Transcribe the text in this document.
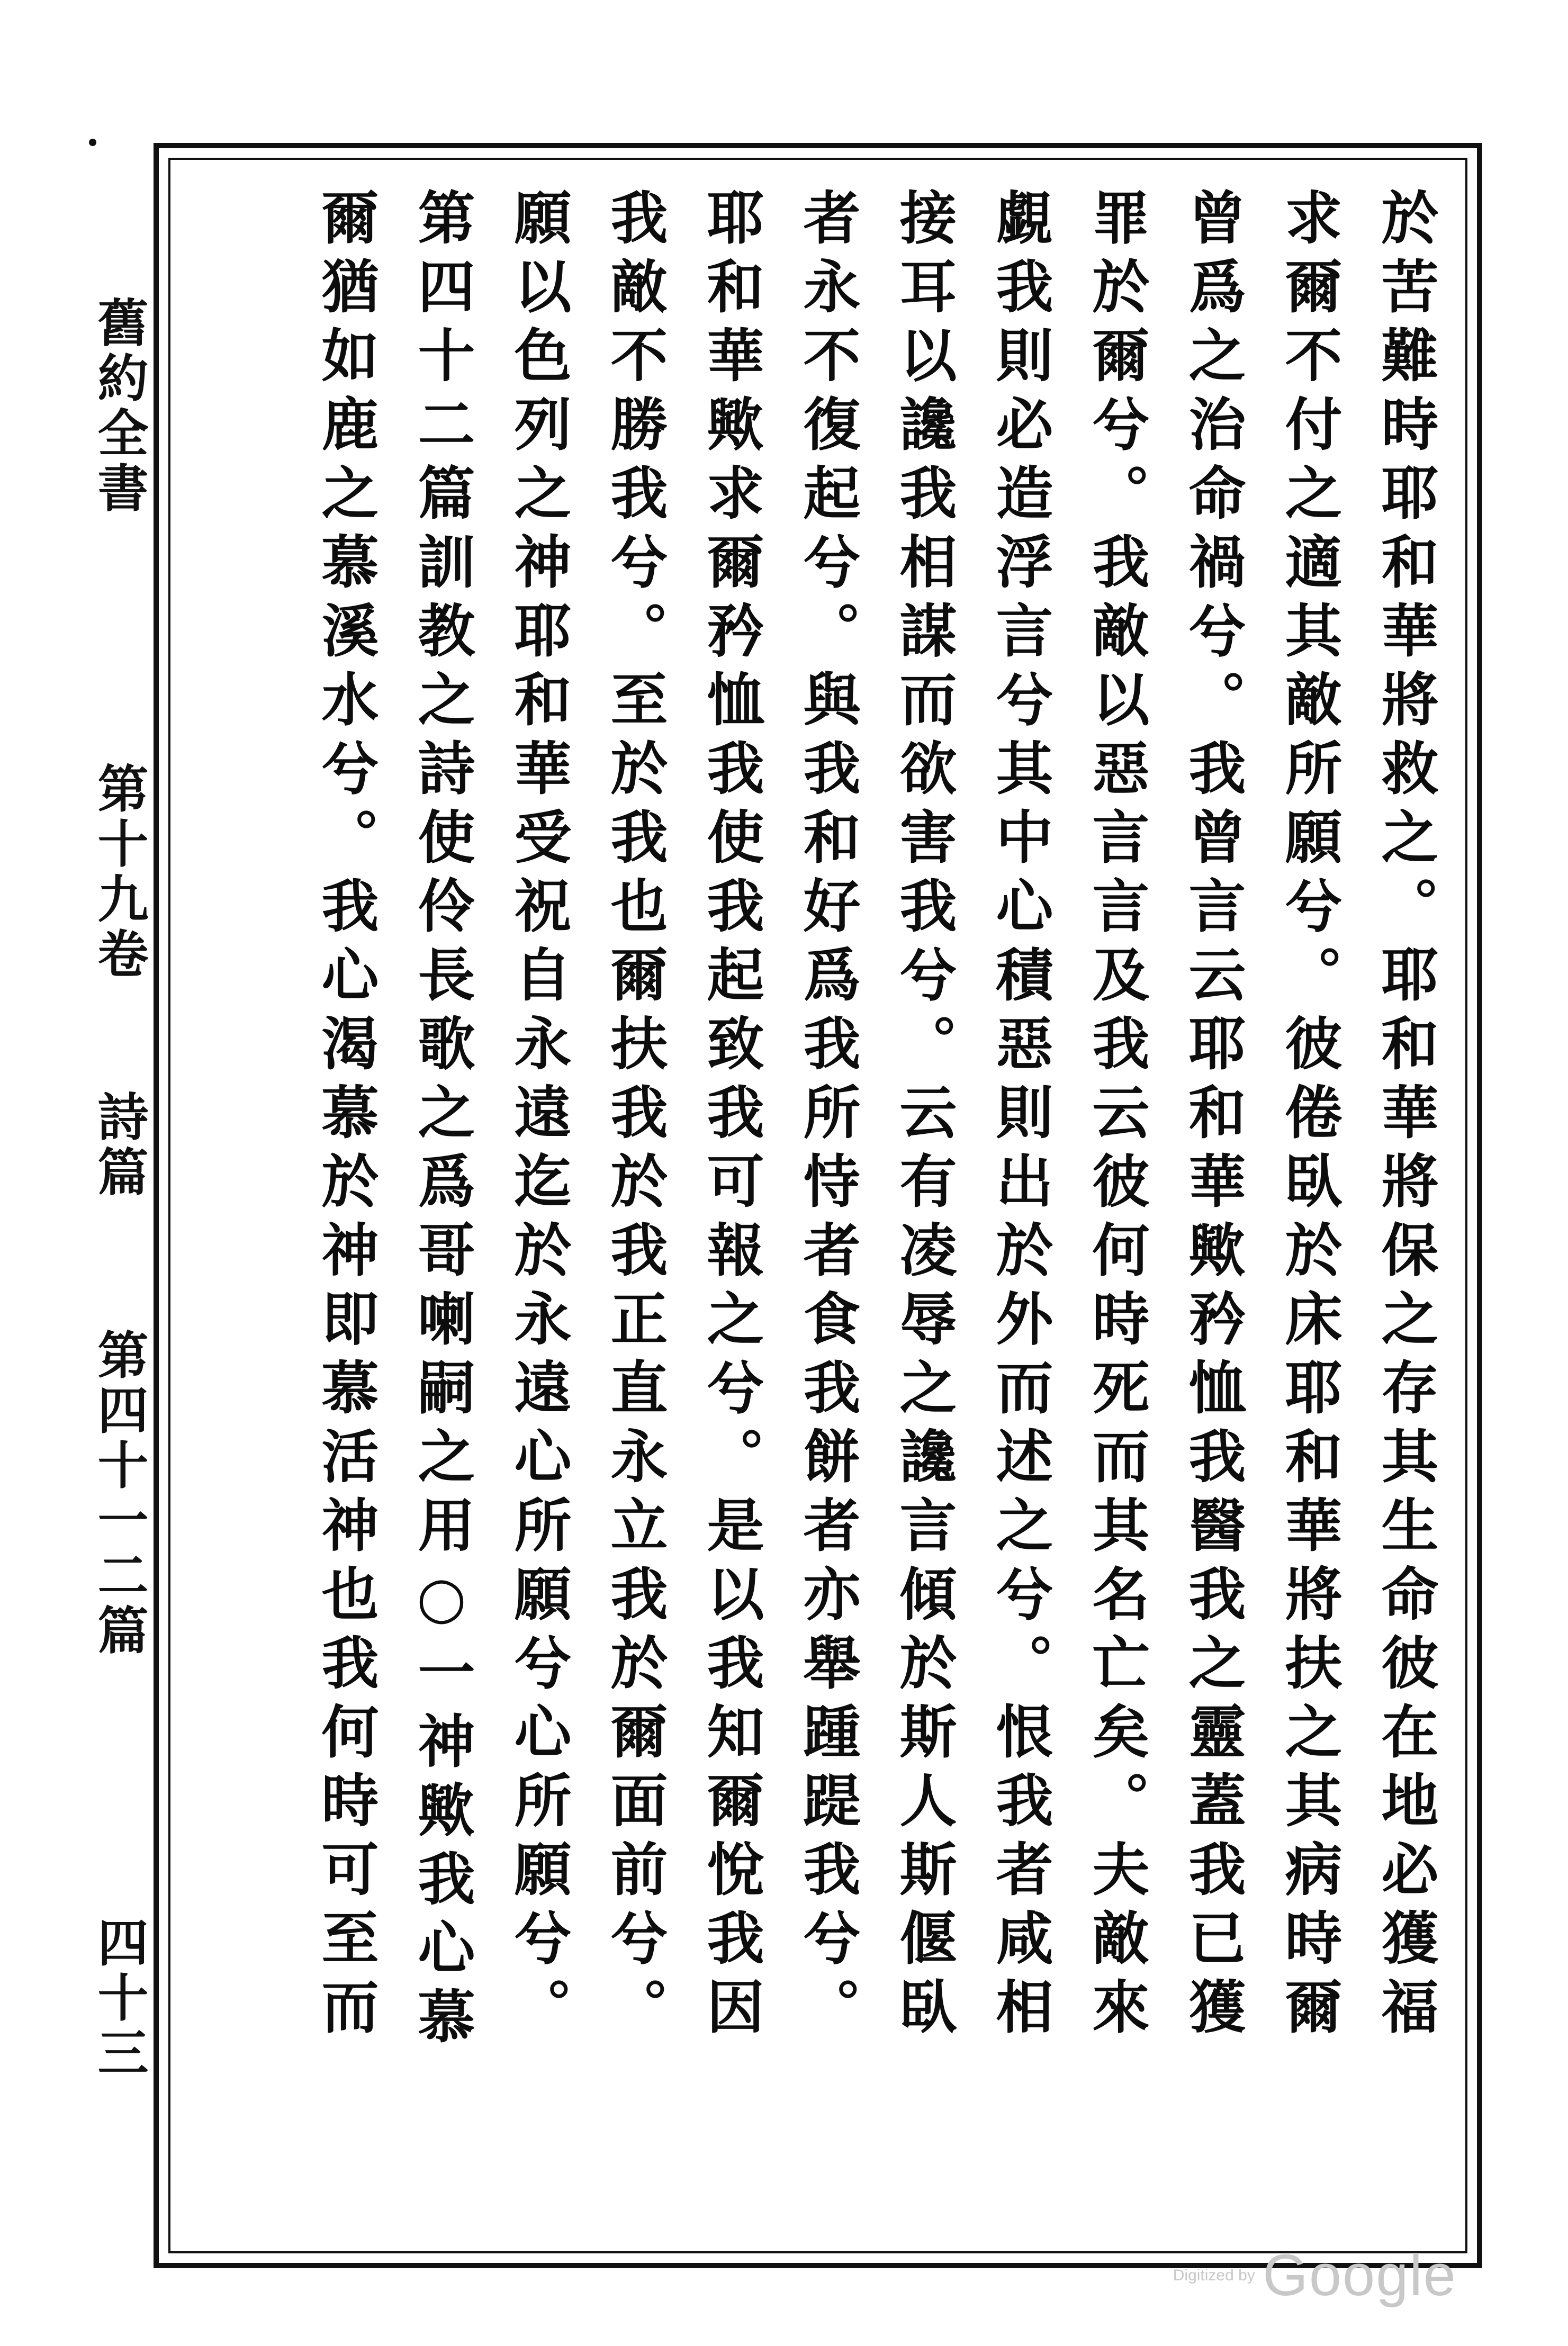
舊約全書
第十九卷
詩篇
第四十一二篇
四十三	於苦難時耶和華將救之。耶和華將保之存其生命彼在地必獲福
求爾不付之適其敵所願兮。彼倦臥於床耶和華將扶之其病時爾
曾爲之治命禍兮。我曾言云耶和華歟矜恤我醫我之靈蓋我已獲
罪於爾兮。我敵以惡言言及我云彼何時死而其名亡矣。夫敵來
覷我則必造浮言兮其中心積惡則出於外而述之兮。恨我者咸相
接耳以讒我相謀而欲害我兮。云有凌辱之讒言傾於斯人斯偃臥
者永不復起兮。與我和好爲我所恃者食我餅者亦舉踵踶我兮。
耶和華歟求爾矜恤我使我起致我可報之兮。是以我知爾悅我因
我敵不勝我兮。至於我也爾扶我於我正直永立我於爾面前兮。
願以色列之神耶和華受祝自永遠迄於永遠心所願兮心所願兮。
第四十二篇訓教之詩使伶長歌之爲哥喇嗣之用○一神歟我心慕
爾猶如鹿之慕溪水兮。我心渴慕於神即慕活神也我何時可至而
Digitized by Google
